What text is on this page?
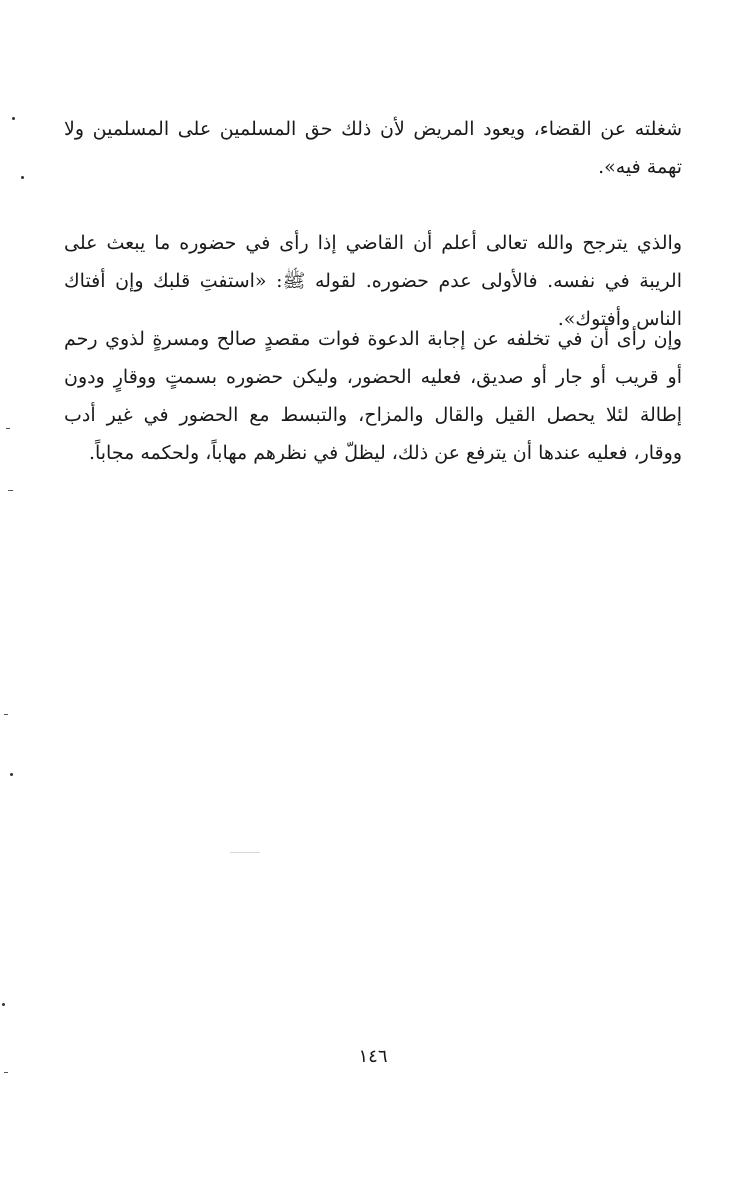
شغلته عن القضاء، ويعود المريض لأن ذلك حق المسلمين على المسلمين ولا تهمة فيه».

والذي يترجح والله تعالى أعلم أن القاضي إذا رأى في حضوره ما يبعث على الريبة في نفسه. فالأولى عدم حضوره. لقوله ﷺ: «استفتِ قلبك وإن أفتاك الناس وأفتوك».

وإن رأى أن في تخلفه عن إجابة الدعوة فوات مقصدٍ صالح ومسرةٍ لذوي رحم أو قريب أو جار أو صديق، فعليه الحضور، وليكن حضوره بسمتٍ ووقارٍ ودون إطالة لئلا يحصل القيل والقال والمزاح، والتبسط مع الحضور في غير أدب ووقار، فعليه عندها أن يترفع عن ذلك، ليظلّ في نظرهم مهاباً، ولحكمه مجاباً.

١٤٦
